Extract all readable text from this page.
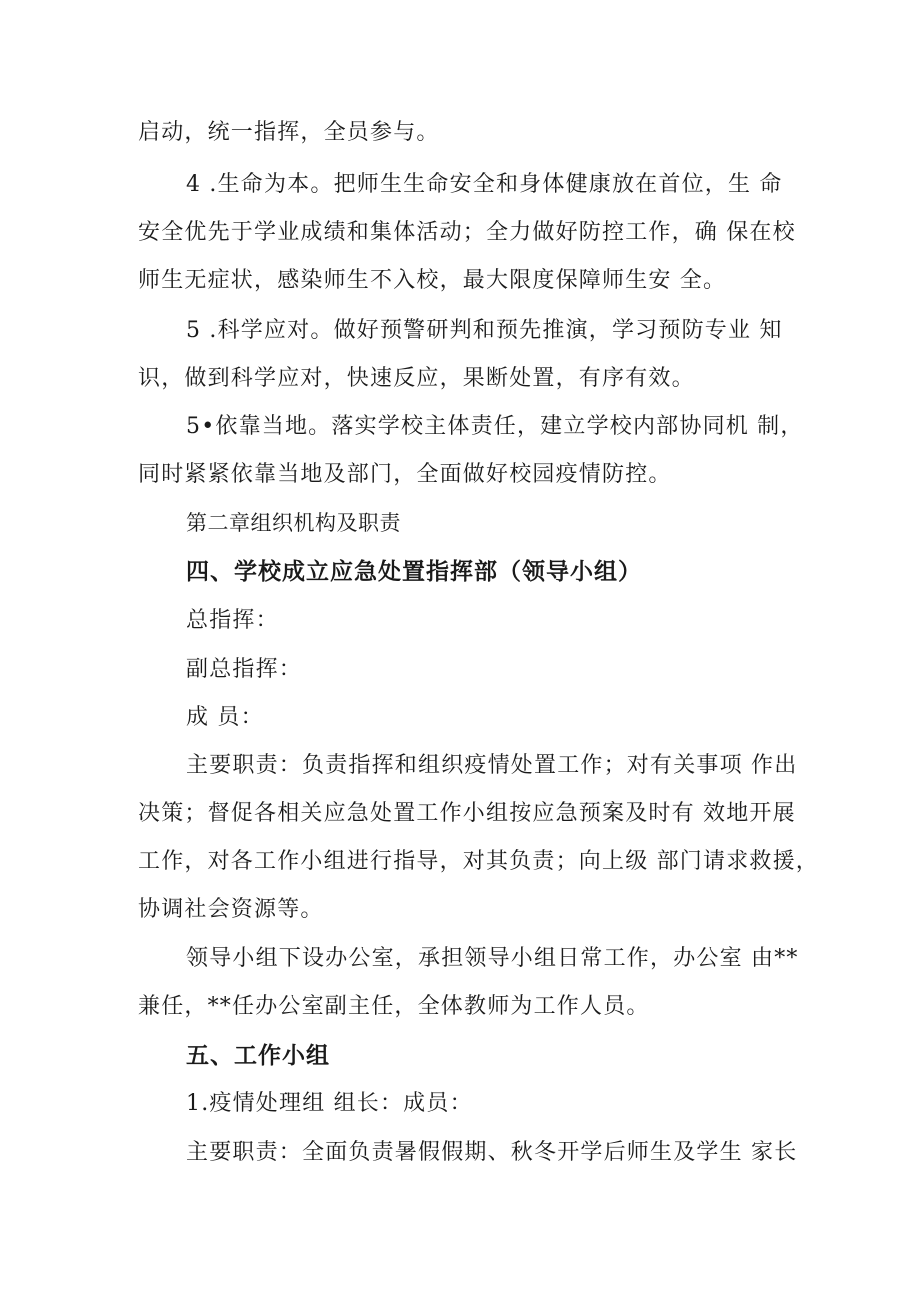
启动，统一指挥，全员参与。
4 .生命为本。把师生生命安全和身体健康放在首位，生 命
安全优先于学业成绩和集体活动；全力做好防控工作，确 保在校
师生无症状，感染师生不入校，最大限度保障师生安 全。
5 .科学应对。做好预警研判和预先推演，学习预防专业 知
识，做到科学应对，快速反应，果断处置，有序有效。
5•依靠当地。落实学校主体责任，建立学校内部协同机 制，
同时紧紧依靠当地及部门，全面做好校园疫情防控。
第二章组织机构及职责
四、学校成立应急处置指挥部（领导小组）
总指挥：
副总指挥：
成 员：
主要职责：负责指挥和组织疫情处置工作；对有关事项 作出
决策；督促各相关应急处置工作小组按应急预案及时有 效地开展
工作，对各工作小组进行指导，对其负责；向上级 部门请求救援，
协调社会资源等。
领导小组下设办公室，承担领导小组日常工作，办公室 由**
兼任，**任办公室副主任，全体教师为工作人员。
五、工作小组
1.疫情处理组 组长：成员：
主要职责：全面负责暑假假期、秋冬开学后师生及学生 家长
